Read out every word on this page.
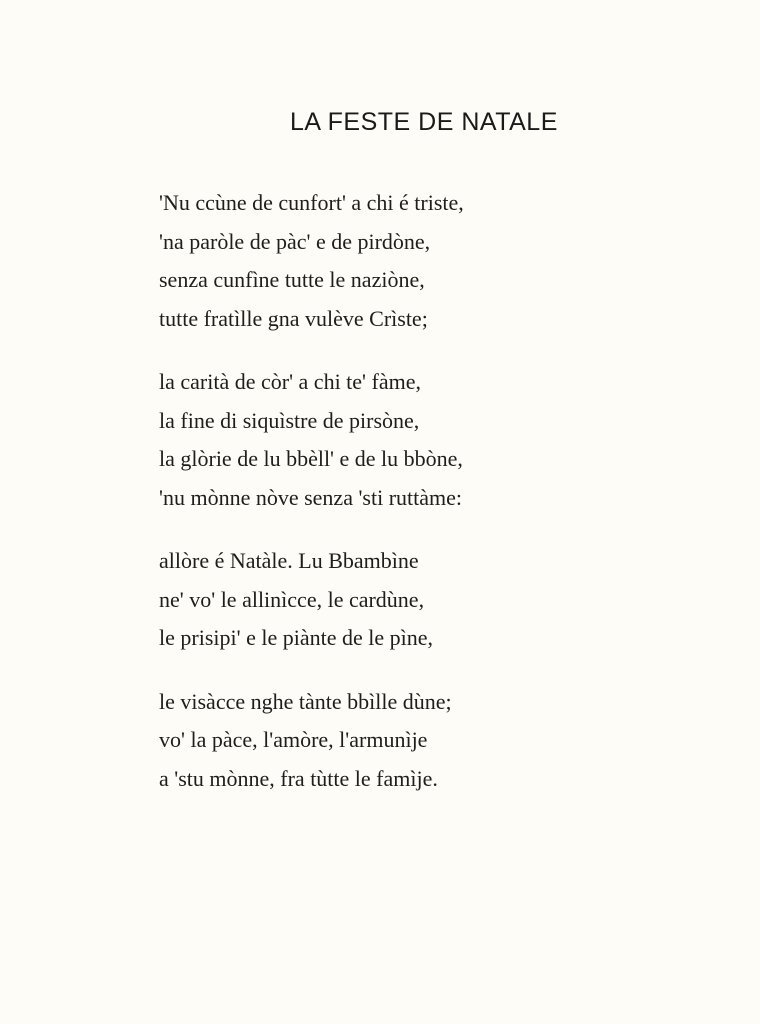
LA FESTE DE NATALE
'Nu ccùne de cunfort' a chi é triste,
'na paròle de pàc' e de pirdòne,
senza cunfìne tutte le naziòne,
tutte fratìlle gna vulève Crìste;
la carità de còr' a chi te' fàme,
la fine di siquìstre de pirsòne,
la glòrie de lu bbèll' e de lu bbòne,
'nu mònne nòve senza 'sti ruttàme:
allòre é Natàle. Lu Bbambìne
ne' vo' le allinìcce, le cardùne,
le prisipi' e le piànte de le pìne,
le visàcce nghe tànte bbìlle dùne;
vo' la pàce, l'amòre, l'armunìje
a 'stu mònne, fra tùtte le famìje.
